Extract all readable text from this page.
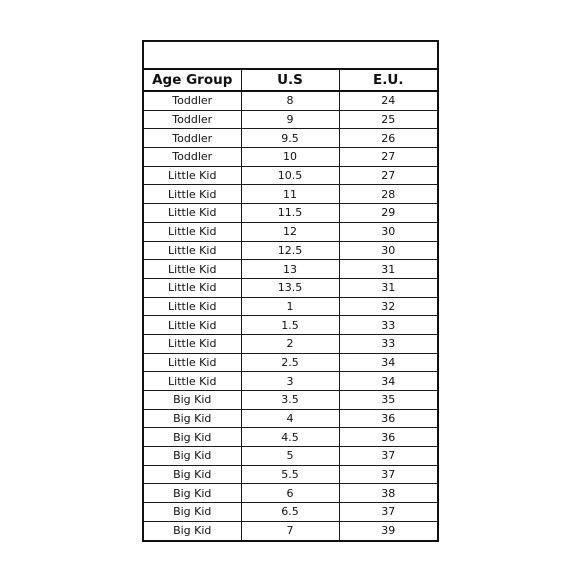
Age Group	U.S	E.U.
Toddler	8	24
Toddler	9	25
Toddler	9.5	26
Toddler	10	27
Little Kid	10.5	27
Little Kid	11	28
Little Kid	11.5	29
Little Kid	12	30
Little Kid	12.5	30
Little Kid	13	31
Little Kid	13.5	31
Little Kid	1	32
Little Kid	1.5	33
Little Kid	2	33
Little Kid	2.5	34
Little Kid	3	34
Big Kid	3.5	35
Big Kid	4	36
Big Kid	4.5	36
Big Kid	5	37
Big Kid	5.5	37
Big Kid	6	38
Big Kid	6.5	37
Big Kid	7	39
